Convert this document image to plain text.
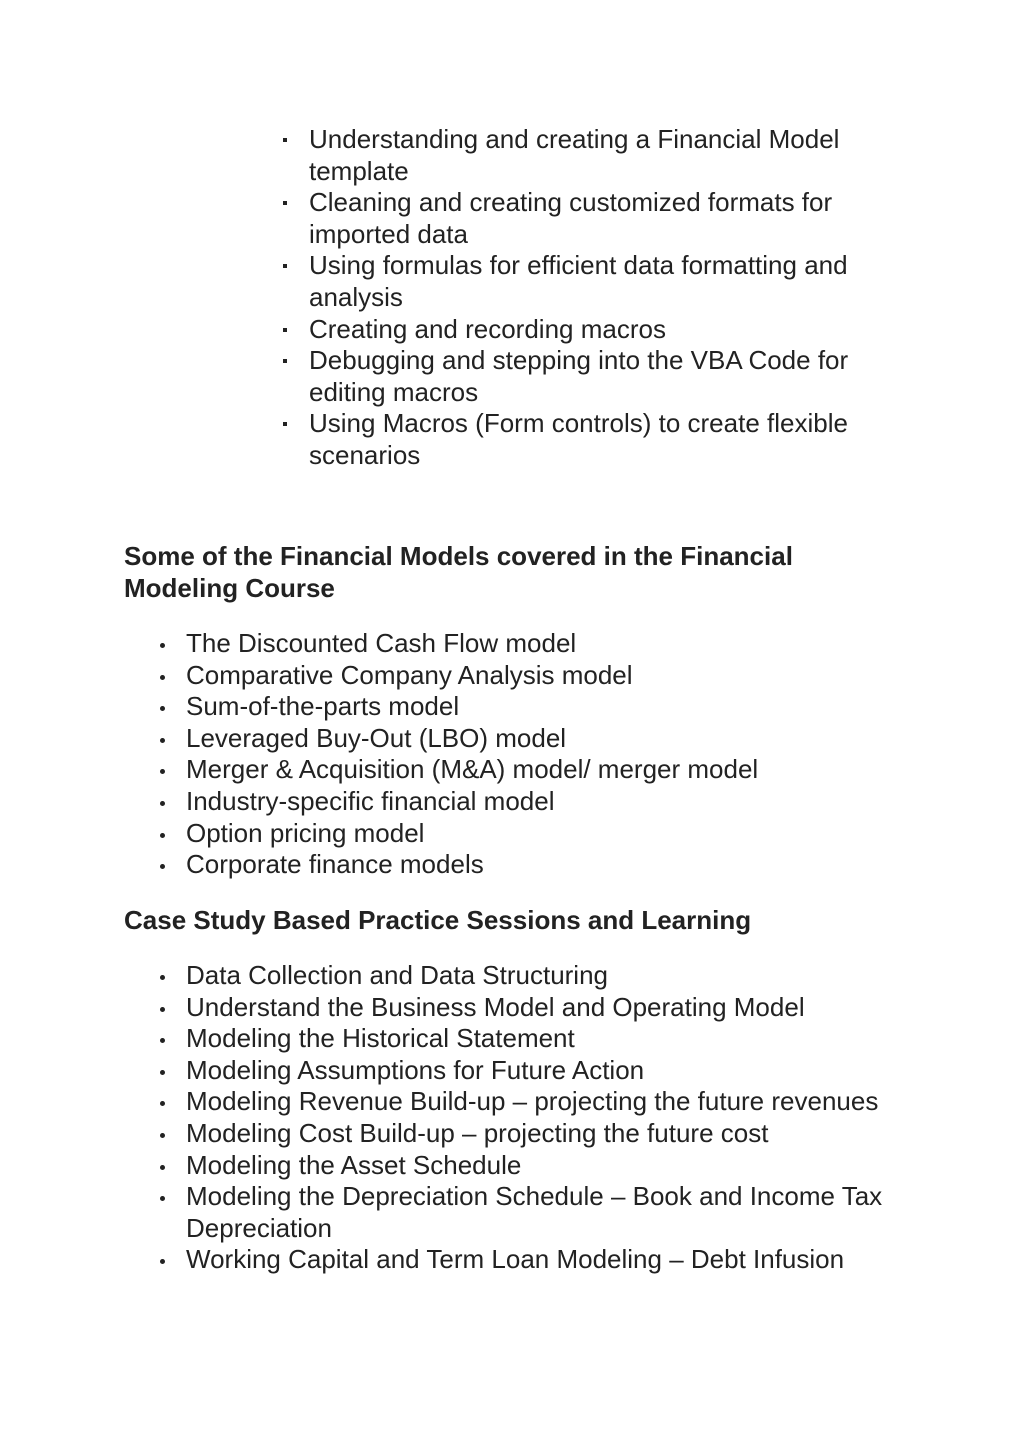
Understanding and creating a Financial Model template
Cleaning and creating customized formats for imported data
Using formulas for efficient data formatting and analysis
Creating and recording macros
Debugging and stepping into the VBA Code for editing macros
Using Macros (Form controls) to create flexible scenarios
Some of the Financial Models covered in the Financial Modeling Course
The Discounted Cash Flow model
Comparative Company Analysis model
Sum-of-the-parts model
Leveraged Buy-Out (LBO) model
Merger & Acquisition (M&A) model/ merger model
Industry-specific financial model
Option pricing model
Corporate finance models
Case Study Based Practice Sessions and Learning
Data Collection and Data Structuring
Understand the Business Model and Operating Model
Modeling the Historical Statement
Modeling Assumptions for Future Action
Modeling Revenue Build-up – projecting the future revenues
Modeling Cost Build-up – projecting the future cost
Modeling the Asset Schedule
Modeling the Depreciation Schedule – Book and Income Tax Depreciation
Working Capital and Term Loan Modeling – Debt Infusion
